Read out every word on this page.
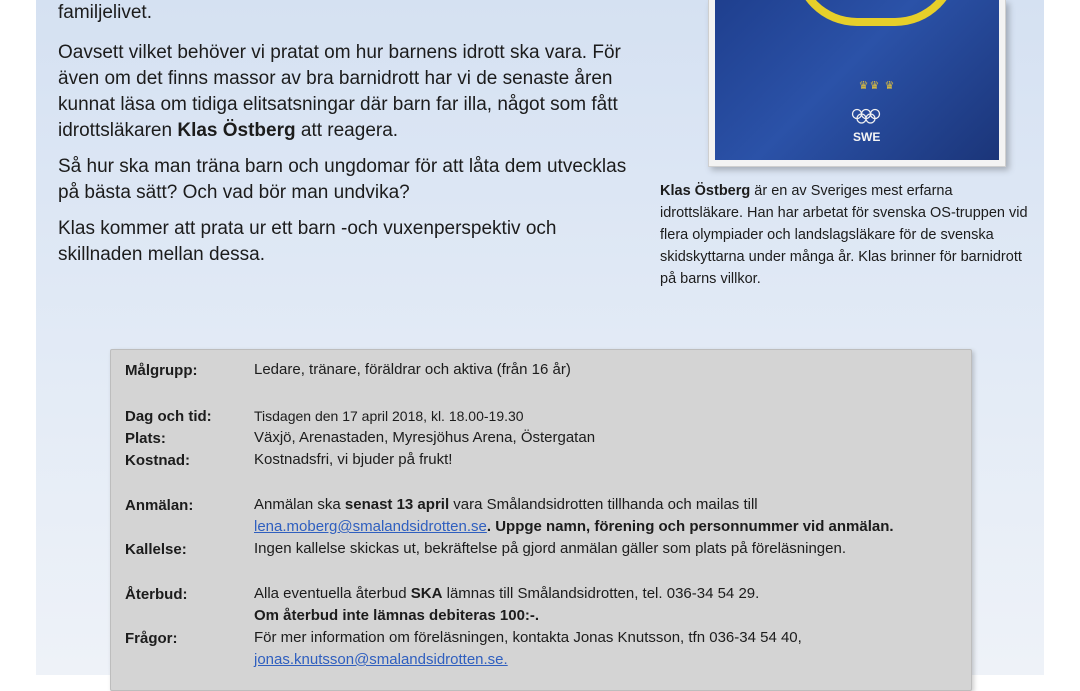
familjelivet.

Oavsett vilket behöver vi pratat om hur barnens idrott ska vara. För även om det finns massor av bra barnidrott har vi de senaste åren kunnat läsa om tidiga elitsatsningar där barn far illa, något som fått idrottsläkaren Klas Östberg att reagera.

Så hur ska man träna barn och ungdomar för att låta dem utvecklas på bästa sätt? Och vad bör man undvika?

Klas kommer att prata ur ett barn -och vuxenperspektiv och skillnaden mellan dessa.

♛♛ ♛
SWE
Klas Östberg är en av Sveriges mest erfarna idrottsläkare. Han har arbetat för svenska OS-truppen vid flera olympiader och landslagsläkare för de svenska skidskyttarna under många år. Klas brinner för barnidrott på barns villkor.
Målgrupp:	Ledare, tränare, föräldrar och aktiva (från 16 år)
Dag och tid:	Tisdagen den 17 april 2018, kl. 18.00-19.30
Plats:	Växjö, Arenastaden, Myresjöhus Arena, Östergatan
Kostnad:	Kostnadsfri, vi bjuder på frukt!
Anmälan:	Anmälan ska senast 13 april vara Smålandsidrotten tillhanda och mailas till
lena.moberg@smalandsidrotten.se. Uppge namn, förening och personnummer vid anmälan.
Kallelse:	Ingen kallelse skickas ut, bekräftelse på gjord anmälan gäller som plats på föreläsningen.
Återbud:	Alla eventuella återbud SKA lämnas till Smålandsidrotten, tel. 036-34 54 29.
Om återbud inte lämnas debiteras 100:-.
Frågor:	För mer information om föreläsningen, kontakta Jonas Knutsson, tfn 036-34 54 40,
jonas.knutsson@smalandsidrotten.se.
